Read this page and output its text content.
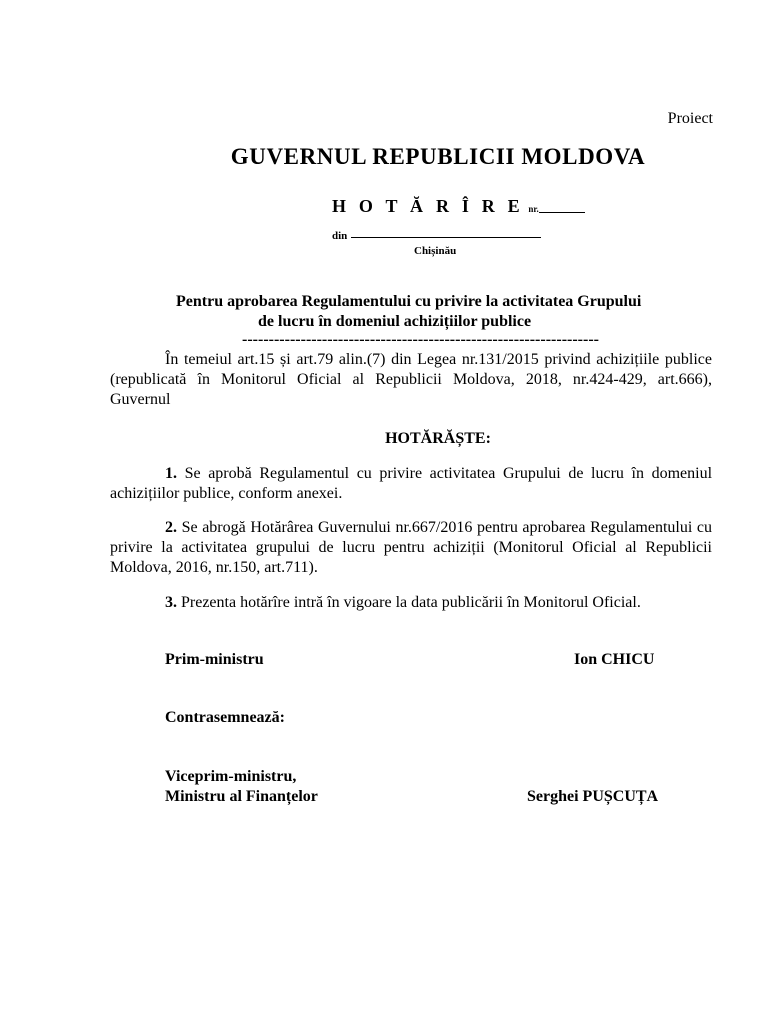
Proiect
GUVERNUL REPUBLICII MOLDOVA
H O T Ă R Î R E nr.
din
Chișinău
Pentru aprobarea Regulamentului cu privire la activitatea Grupului
de lucru în domeniul achizițiilor publice
-------------------------------------------------------------------

În temeiul art.15 și art.79 alin.(7) din Legea nr.131/2015 privind achizițiile publice (republicată în Monitorul Oficial al Republicii Moldova, 2018, nr.424-429, art.666), Guvernul

HOTĂRĂȘTE:

1. Se aprobă Regulamentul cu privire activitatea Grupului de lucru în domeniul achizițiilor publice, conform anexei.

2. Se abrogă Hotărârea Guvernului nr.667/2016 pentru aprobarea Regulamentului cu privire la activitatea grupului de lucru pentru achiziții (Monitorul Oficial al Republicii Moldova, 2016, nr.150, art.711).

3. Prezenta hotărîre intră în vigoare la data publicării în Monitorul Oficial.

Prim-ministru	Ion CHICU
Contrasemnează:
Viceprim-ministru,
Ministru al Finanțelor	Serghei PUȘCUȚA
